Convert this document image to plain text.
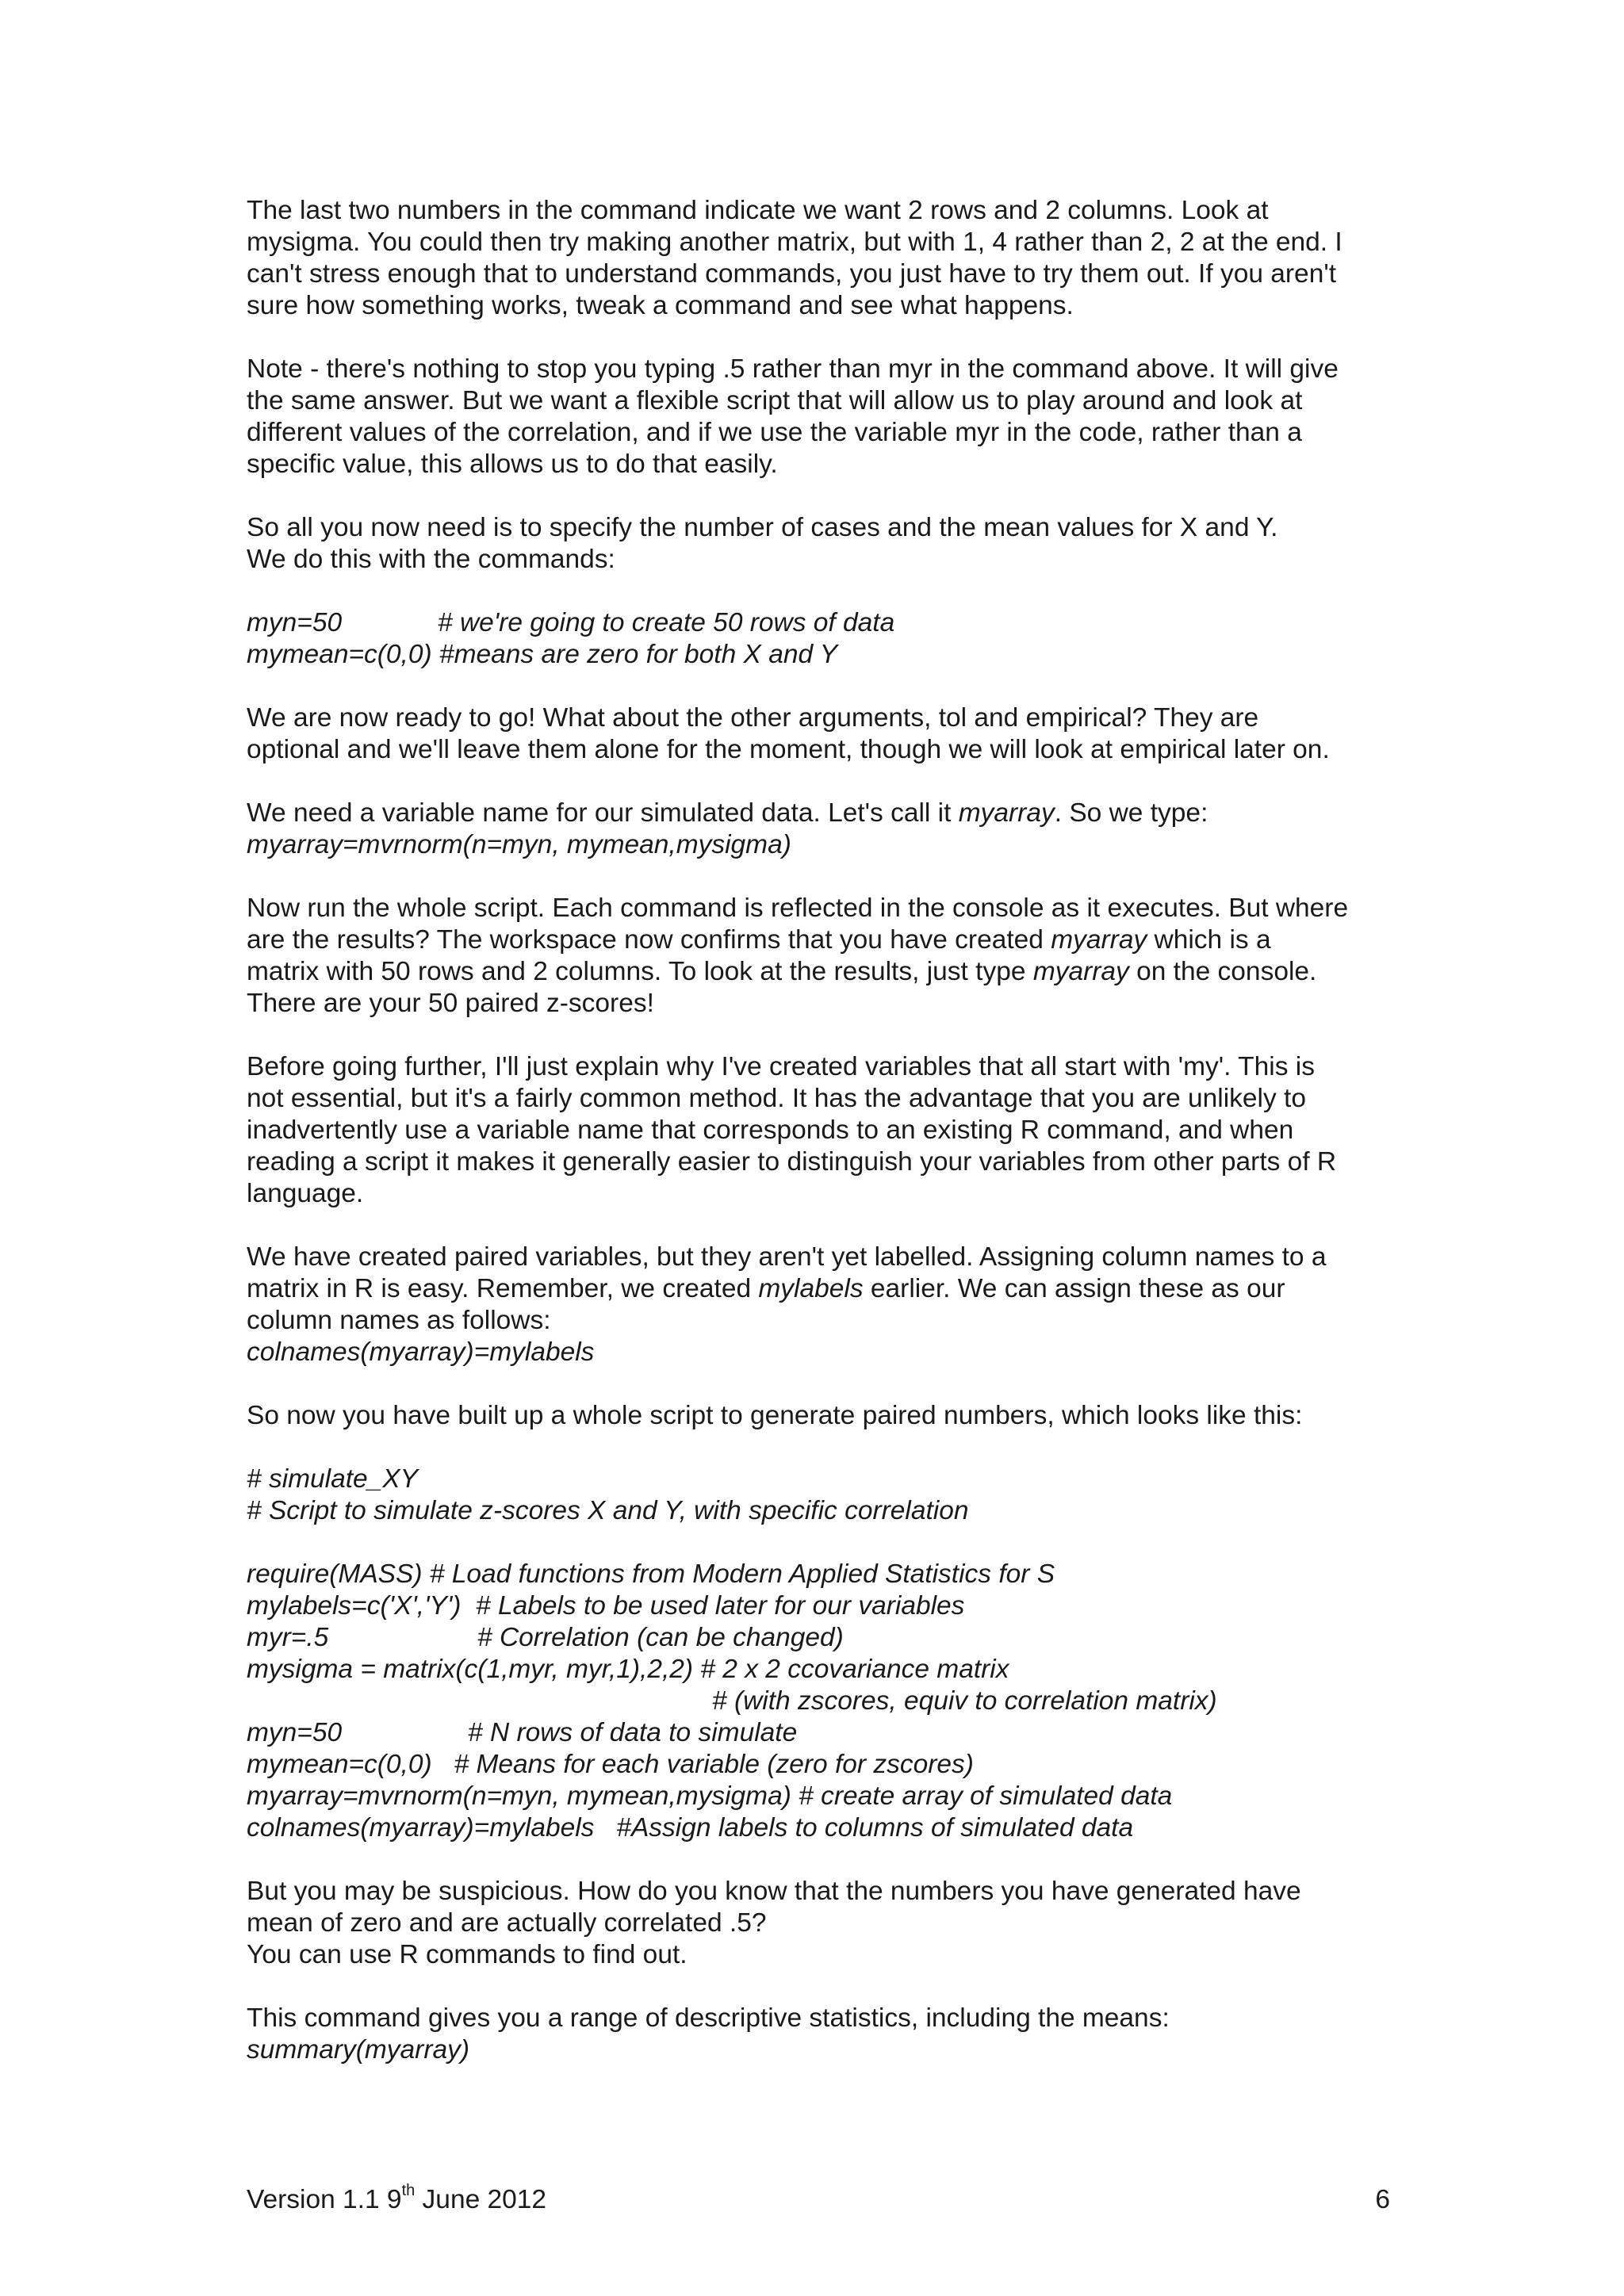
The last two numbers in the command indicate we want 2 rows and 2 columns. Look at
mysigma. You could then try making another matrix, but with 1, 4 rather than 2, 2 at the end. I
can't stress enough that to understand commands, you just have to try them out. If you aren't
sure how something works, tweak a command and see what happens.
Note - there's nothing to stop you typing .5 rather than myr in the command above. It will give
the same answer. But we want a flexible script that will allow us to play around and look at
different values of the correlation, and if we use the variable myr in the code, rather than a
specific value, this allows us to do that easily.
So all you now need is to specify the number of cases and the mean values for X and Y.
We do this with the commands:

myn=50

	# we're going to create 50 rows of data

mymean=c(0,0) #means are zero for both X and Y

We are now ready to go! What about the other arguments, tol and empirical? They are
optional and we'll leave them alone for the moment, though we will look at empirical later on.
We need a variable name for our simulated data. Let's call it myarray. So we type:
myarray=mvrnorm(n=myn, mymean,mysigma)
Now run the whole script. Each command is reflected in the console as it executes. But where
are the results? The workspace now confirms that you have created myarray which is a
matrix with 50 rows and 2 columns. To look at the results, just type myarray on the console.
There are your 50 paired z-scores!
Before going further, I'll just explain why I've created variables that all start with 'my'. This is
not essential, but it's a fairly common method. It has the advantage that you are unlikely to
inadvertently use a variable name that corresponds to an existing R command, and when
reading a script it makes it generally easier to distinguish your variables from other parts of R
language.
We have created paired variables, but they aren't yet labelled. Assigning column names to a
matrix in R is easy. Remember, we created mylabels earlier. We can assign these as our
column names as follows:
colnames(myarray)=mylabels
So now you have built up a whole script to generate paired numbers, which looks like this:
# simulate_XY
# Script to simulate z-scores X and Y, with specific correlation
require(MASS) # Load functions from Modern Applied Statistics for S
mylabels=c('X','Y')  # Labels to be used later for our variables

myr=.5

	# Correlation (can be changed)

mysigma = matrix(c(1,myr, myr,1),2,2) # 2 x 2 ccovariance matrix
# (with zscores, equiv to correlation matrix)

myn=50

	# N rows of data to simulate

mymean=c(0,0)   # Means for each variable (zero for zscores)
myarray=mvrnorm(n=myn, mymean,mysigma) # create array of simulated data
colnames(myarray)=mylabels   #Assign labels to columns of simulated data
But you may be suspicious. How do you know that the numbers you have generated have
mean of zero and are actually correlated .5?
You can use R commands to find out.
This command gives you a range of descriptive statistics, including the means:
summary(myarray)
Version 1.1 9th June 2012	6
